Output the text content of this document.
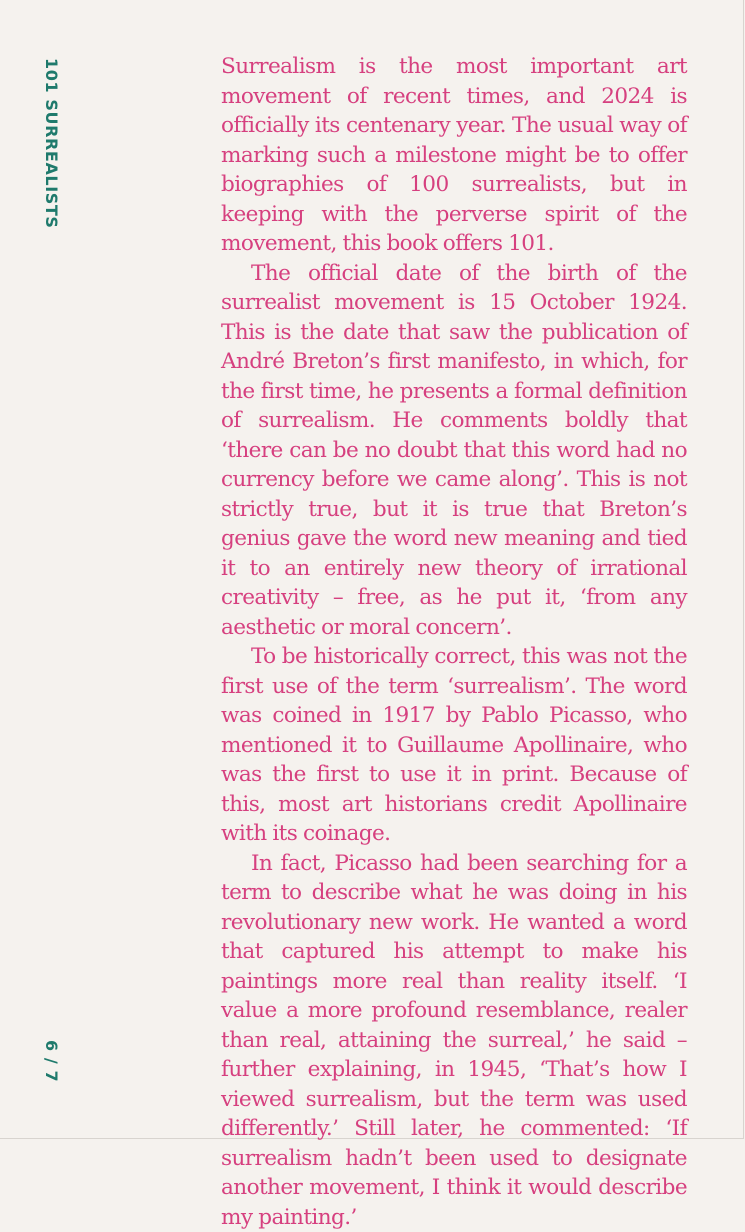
101 SURREALISTS
6 / 7

Surrealism is the most important art movement of recent times, and 2024 is officially its centenary year. The usual way of marking such a milestone might be to offer biographies of 100 surrealists, but in keeping with the perverse spirit of the movement, this book offers 101.

The official date of the birth of the surrealist movement is 15 October 1924. This is the date that saw the publication of André Breton’s first manifesto, in which, for the first time, he presents a formal definition of surrealism. He comments boldly that ‘there can be no doubt that this word had no currency before we came along’. This is not strictly true, but it is true that Breton’s genius gave the word new meaning and tied it to an entirely new theory of irrational creativity – free, as he put it, ‘from any aesthetic or moral concern’.

To be historically correct, this was not the first use of the term ‘surrealism’. The word was coined in 1917 by Pablo Picasso, who mentioned it to Guillaume Apollinaire, who was the first to use it in print. Because of this, most art historians credit Apollinaire with its coinage.

In fact, Picasso had been searching for a term to describe what he was doing in his revolutionary new work. He wanted a word that captured his attempt to make his paintings more real than reality itself. ‘I value a more profound resemblance, realer than real, attaining the surreal,’ he said – further explaining, in 1945, ‘That’s how I viewed surrealism, but the term was used differently.’ Still later, he commented: ‘If surrealism hadn’t been used to designate another movement, I think it would describe my painting.’
